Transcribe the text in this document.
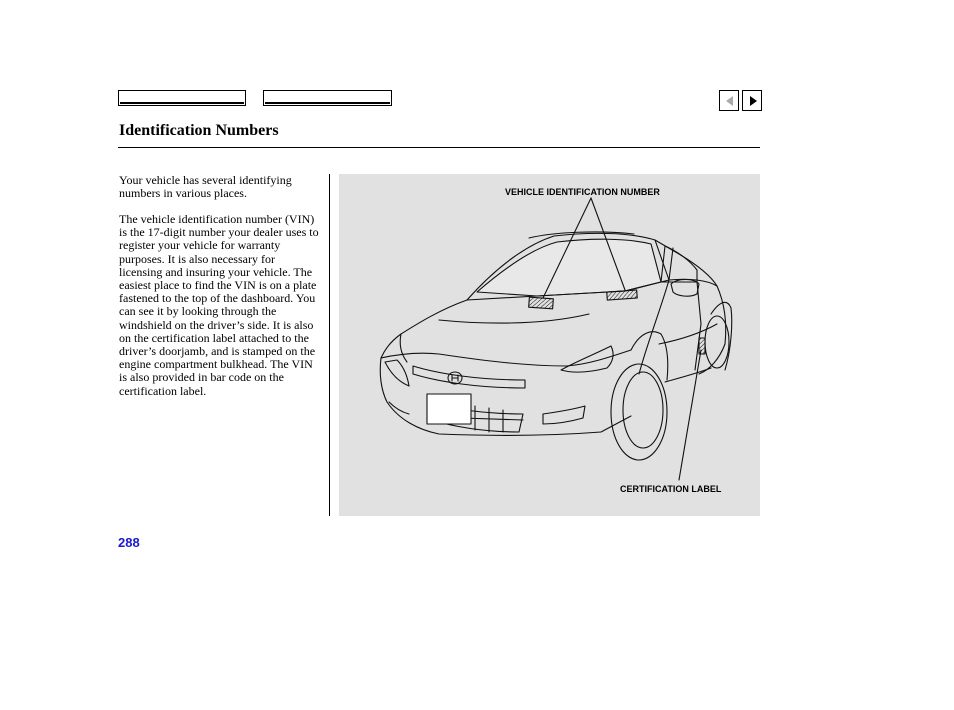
Identification Numbers
Your vehicle has several identifying numbers in various places.
The vehicle identification number (VIN) is the 17-digit number your dealer uses to register your vehicle for warranty purposes. It is also necessary for licensing and insuring your vehicle. The easiest place to find the VIN is on a plate fastened to the top of the dashboard. You can see it by looking through the windshield on the driver’s side. It is also on the certification label attached to the driver’s doorjamb, and is stamped on the engine compartment bulkhead. The VIN is also provided in bar code on the certification label.
VEHICLE IDENTIFICATION NUMBER
CERTIFICATION LABEL
288
